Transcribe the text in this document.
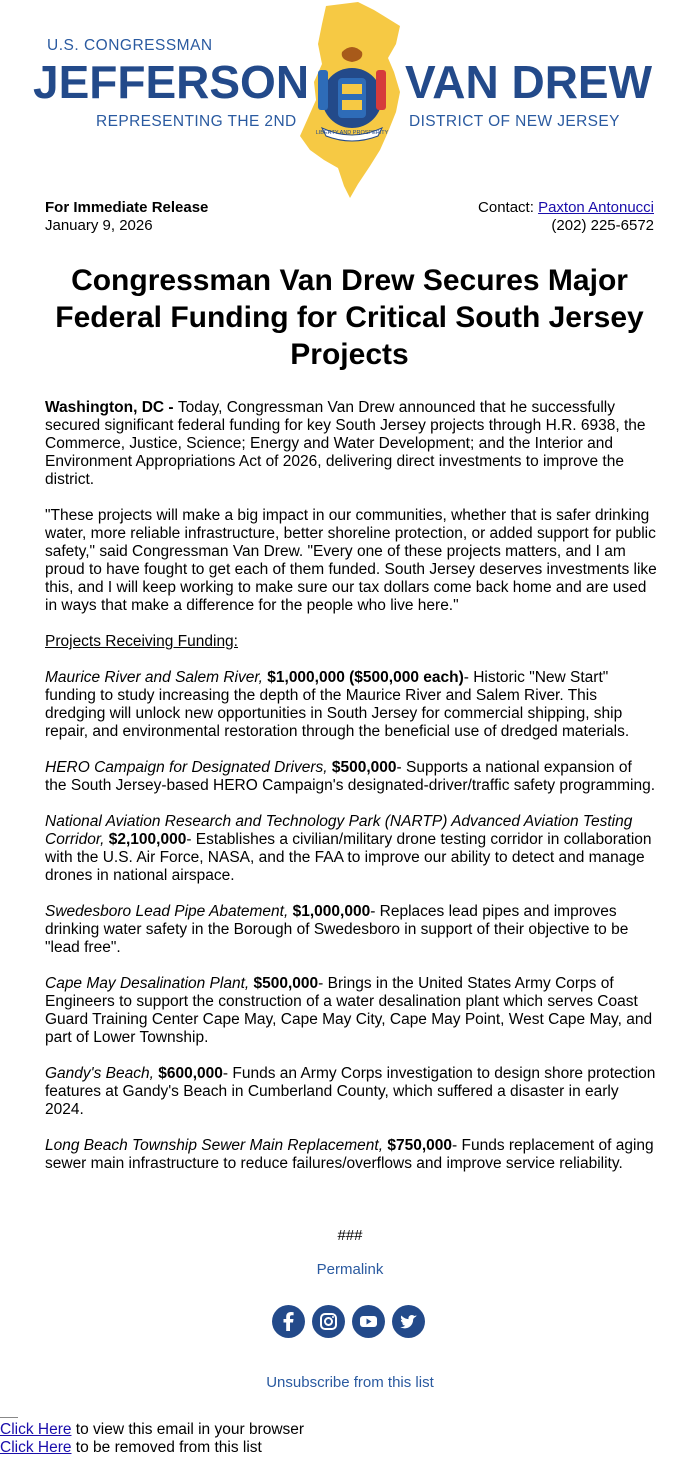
U.S. CONGRESSMAN
JEFFERSON VAN DREW
REPRESENTING THE 2ND	DISTRICT OF NEW JERSEY
LIBERTY AND PROSPERITY
For Immediate Release
January 9, 2026
Contact: Paxton Antonucci
(202) 225-6572
Congressman Van Drew Secures Major Federal Funding for Critical South Jersey Projects

Washington, DC - Today, Congressman Van Drew announced that he successfully secured significant federal funding for key South Jersey projects through H.R. 6938, the Commerce, Justice, Science; Energy and Water Development; and the Interior and Environment Appropriations Act of 2026, delivering direct investments to improve the district.

"These projects will make a big impact in our communities, whether that is safer drinking water, more reliable infrastructure, better shoreline protection, or added support for public safety," said Congressman Van Drew. "Every one of these projects matters, and I am proud to have fought to get each of them funded. South Jersey deserves investments like this, and I will keep working to make sure our tax dollars come back home and are used in ways that make a difference for the people who live here."

Projects Receiving Funding:

Maurice River and Salem River, $1,000,000 ($500,000 each)- Historic "New Start" funding to study increasing the depth of the Maurice River and Salem River. This dredging will unlock new opportunities in South Jersey for commercial shipping, ship repair, and environmental restoration through the beneficial use of dredged materials.

HERO Campaign for Designated Drivers, $500,000- Supports a national expansion of the South Jersey-based HERO Campaign's designated-driver/traffic safety programming.

National Aviation Research and Technology Park (NARTP) Advanced Aviation Testing Corridor, $2,100,000- Establishes a civilian/military drone testing corridor in collaboration with the U.S. Air Force, NASA, and the FAA to improve our ability to detect and manage drones in national airspace.

Swedesboro Lead Pipe Abatement, $1,000,000- Replaces lead pipes and improves drinking water safety in the Borough of Swedesboro in support of their objective to be "lead free".

Cape May Desalination Plant, $500,000- Brings in the United States Army Corps of Engineers to support the construction of a water desalination plant which serves Coast Guard Training Center Cape May, Cape May City, Cape May Point, West Cape May, and part of Lower Township.

Gandy's Beach, $600,000- Funds an Army Corps investigation to design shore protection features at Gandy's Beach in Cumberland County, which suffered a disaster in early 2024.

Long Beach Township Sewer Main Replacement, $750,000- Funds replacement of aging sewer main infrastructure to reduce failures/overflows and improve service reliability.

###
Permalink
Unsubscribe from this list
Click Here to view this email in your browser
Click Here to be removed from this list
